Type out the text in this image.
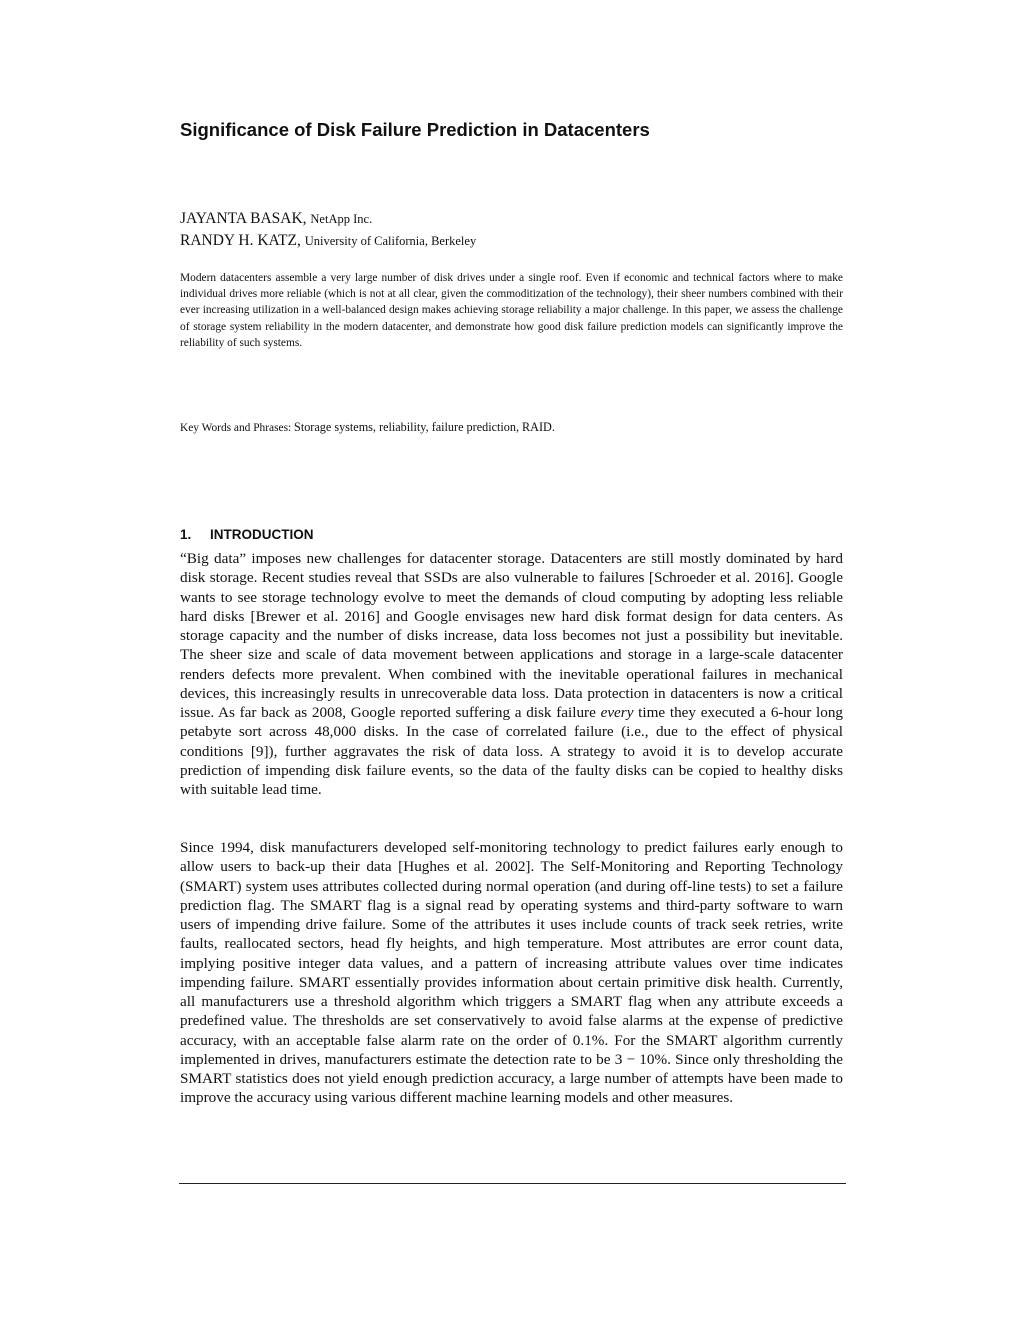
Significance of Disk Failure Prediction in Datacenters
JAYANTA BASAK, NetApp Inc.
RANDY H. KATZ, University of California, Berkeley

Modern datacenters assemble a very large number of disk drives under a single roof. Even if economic and technical factors where to make individual drives more reliable (which is not at all clear, given the commoditization of the technology), their sheer numbers combined with their ever increasing utilization in a well-balanced design makes achieving storage reliability a major challenge. In this paper, we assess the challenge of storage system reliability in the modern datacenter, and demonstrate how good disk failure prediction models can significantly improve the reliability of such systems.

Key Words and Phrases: Storage systems, reliability, failure prediction, RAID.
1. INTRODUCTION

“Big data” imposes new challenges for datacenter storage. Datacenters are still mostly dominated by hard disk storage. Recent studies reveal that SSDs are also vulnerable to failures [Schroeder et al. 2016]. Google wants to see storage technology evolve to meet the demands of cloud computing by adopting less reliable hard disks [Brewer et al. 2016] and Google envisages new hard disk format design for data centers. As storage capacity and the number of disks increase, data loss becomes not just a possibility but inevitable. The sheer size and scale of data movement between applications and storage in a large-scale datacenter renders defects more prevalent. When combined with the inevitable operational failures in mechanical devices, this increasingly results in unrecoverable data loss. Data protection in datacenters is now a critical issue. As far back as 2008, Google reported suffering a disk failure every time they executed a 6-hour long petabyte sort across 48,000 disks. In the case of correlated failure (i.e., due to the effect of physical conditions [9]), further aggravates the risk of data loss. A strategy to avoid it is to develop accurate prediction of impending disk failure events, so the data of the faulty disks can be copied to healthy disks with suitable lead time.

Since 1994, disk manufacturers developed self-monitoring technology to predict failures early enough to allow users to back-up their data [Hughes et al. 2002]. The Self-Monitoring and Reporting Technology (SMART) system uses attributes collected during normal operation (and during off-line tests) to set a failure prediction flag. The SMART flag is a signal read by operating systems and third-party software to warn users of impending drive failure. Some of the attributes it uses include counts of track seek retries, write faults, reallocated sectors, head fly heights, and high temperature. Most attributes are error count data, implying positive integer data values, and a pattern of increasing attribute values over time indicates impending failure. SMART essentially provides information about certain primitive disk health. Currently, all manufacturers use a threshold algorithm which triggers a SMART flag when any attribute exceeds a predefined value. The thresholds are set conservatively to avoid false alarms at the expense of predictive accuracy, with an acceptable false alarm rate on the order of 0.1%. For the SMART algorithm currently implemented in drives, manufacturers estimate the detection rate to be 3 − 10%. Since only thresholding the SMART statistics does not yield enough prediction accuracy, a large number of attempts have been made to improve the accuracy using various different machine learning models and other measures.
